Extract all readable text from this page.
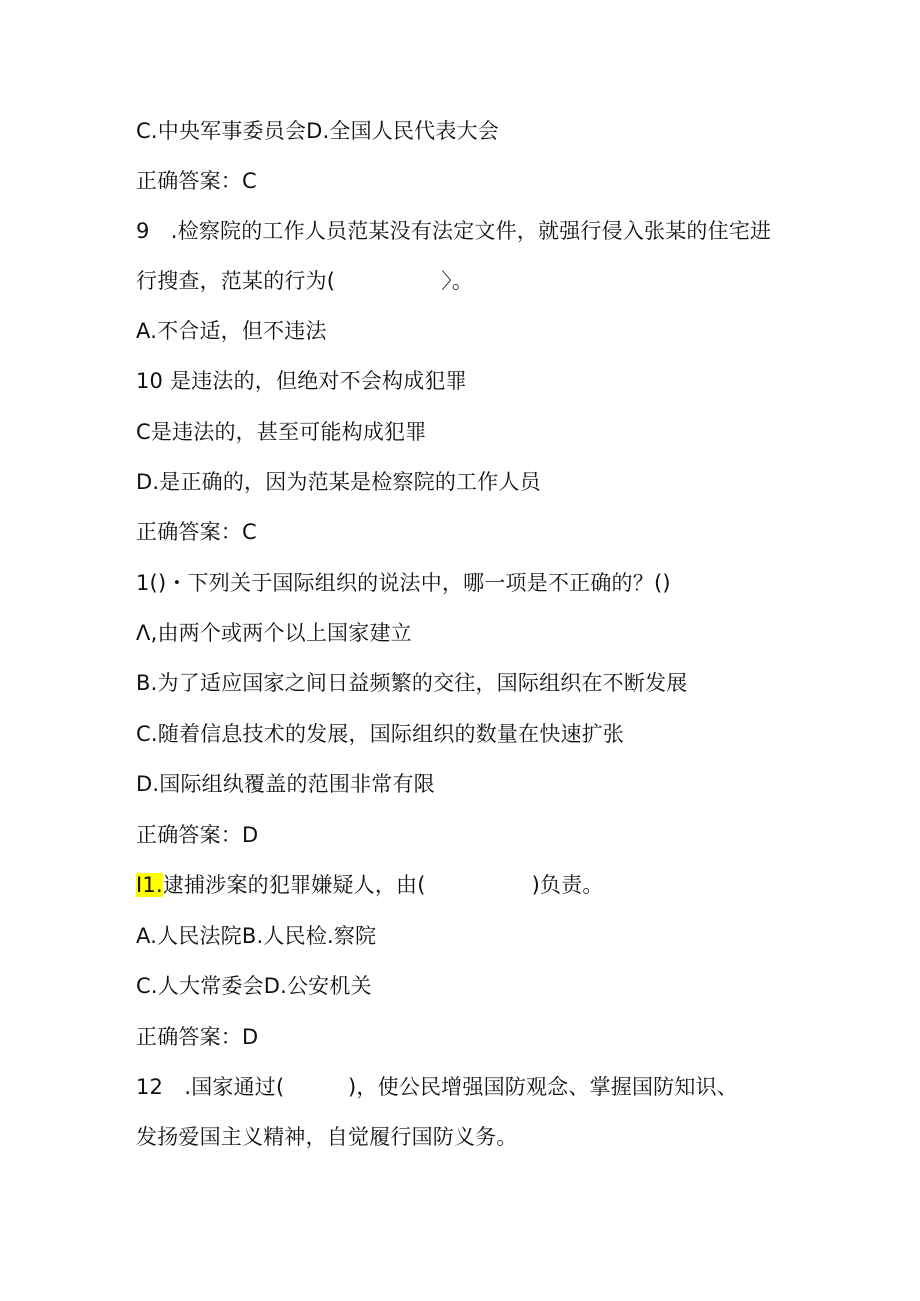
C.中央军事委员会D.全国人民代表大会
正确答案：C
9　.检察院的工作人员范某没有法定文件，就强行侵入张某的住宅进
行搜查，范某的行为(　　　　　〉。
A.不合适，但不违法
10 是违法的，但绝对不会构成犯罪
C是违法的，甚至可能构成犯罪
D.是正确的，因为范某是检察院的工作人员
正确答案：C
1()・下列关于国际组织的说法中，哪一项是不正确的？()
Λ,由两个或两个以上国家建立
B.为了适应国家之间日益频繁的交往，国际组织在不断发展
C.随着信息技术的发展，国际组织的数量在快速扩张
D.国际组纨覆盖的范围非常有限
正确答案：D
I1.逮捕涉案的犯罪嫌疑人，由(　　　　　)负责。
A.人民法院B.人民检.察院
C.人大常委会D.公安机关
正确答案：D
12　.国家通过(　　　)，使公民增强国防观念、掌握国防知识、
发扬爱国主义精神，自觉履行国防义务。
